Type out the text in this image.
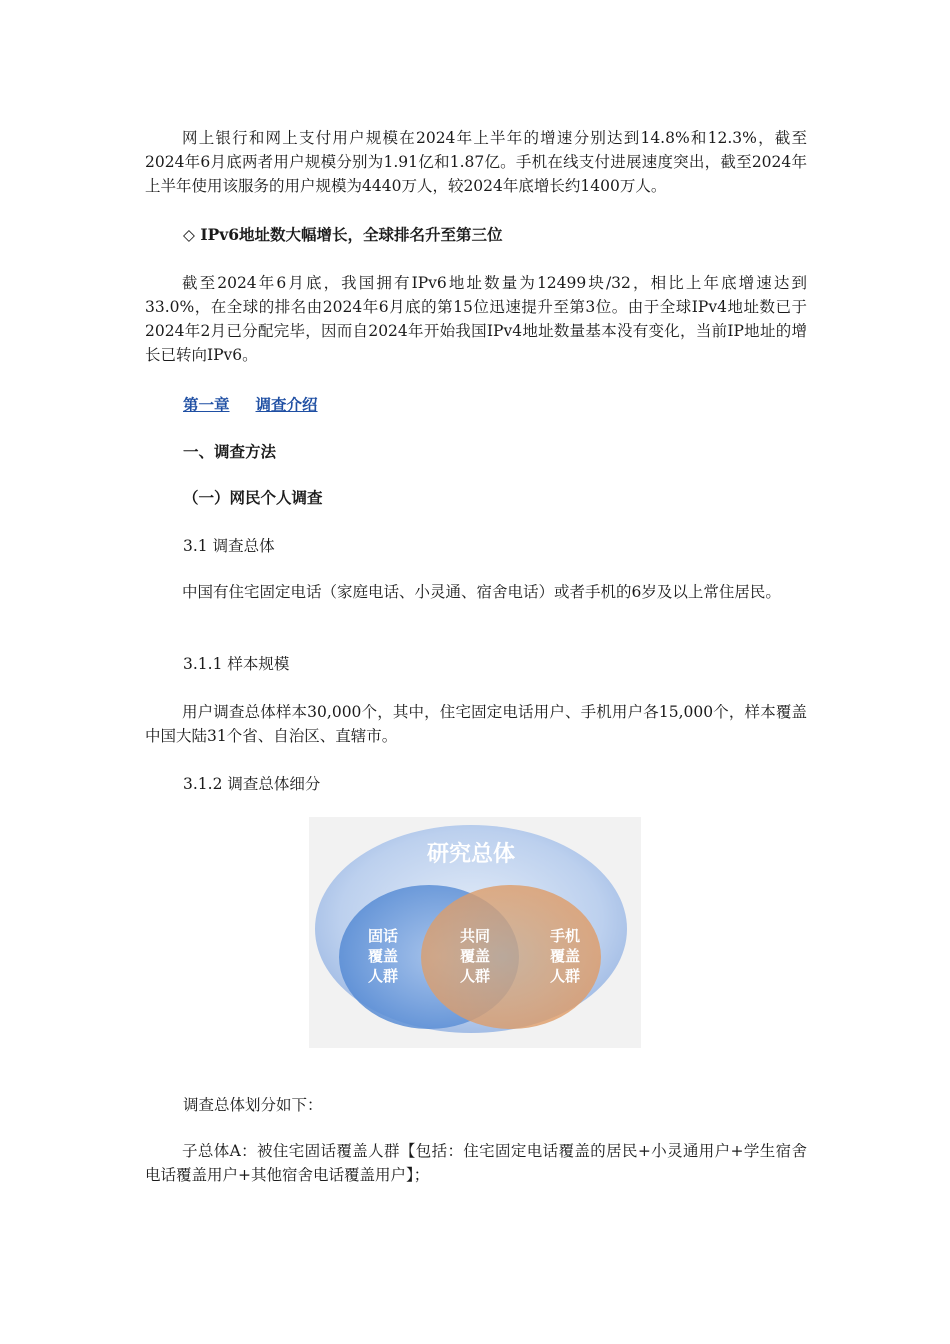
网上银行和网上支付用户规模在2024年上半年的增速分别达到14.8%和12.3%，截至2024年6月底两者用户规模分别为1.91亿和1.87亿。手机在线支付进展速度突出，截至2024年上半年使用该服务的用户规模为4440万人，较2024年底增长约1400万人。

◇ IPv6地址数大幅增长，全球排名升至第三位

截至2024年6月底，我国拥有IPv6地址数量为12499块/32，相比上年底增速达到33.0%，在全球的排名由2024年6月底的第15位迅速提升至第3位。由于全球IPv4地址数已于2024年2月已分配完毕，因而自2024年开始我国IPv4地址数量基本没有变化，当前IP地址的增长已转向IPv6。

第一章 调查介绍

一、调查方法

（一）网民个人调查

3.1 调查总体

中国有住宅固定电话（家庭电话、小灵通、宿舍电话）或者手机的6岁及以上常住居民。

3.1.1 样本规模

用户调查总体样本30,000个，其中，住宅固定电话用户、手机用户各15,000个，样本覆盖中国大陆31个省、自治区、直辖市。

3.1.2 调查总体细分

研究总体
固话
覆盖
人群
共同
覆盖
人群
手机
覆盖
人群

调查总体划分如下：

子总体A：被住宅固话覆盖人群【包括：住宅固定电话覆盖的居民+小灵通用户+学生宿舍电话覆盖用户+其他宿舍电话覆盖用户】；
